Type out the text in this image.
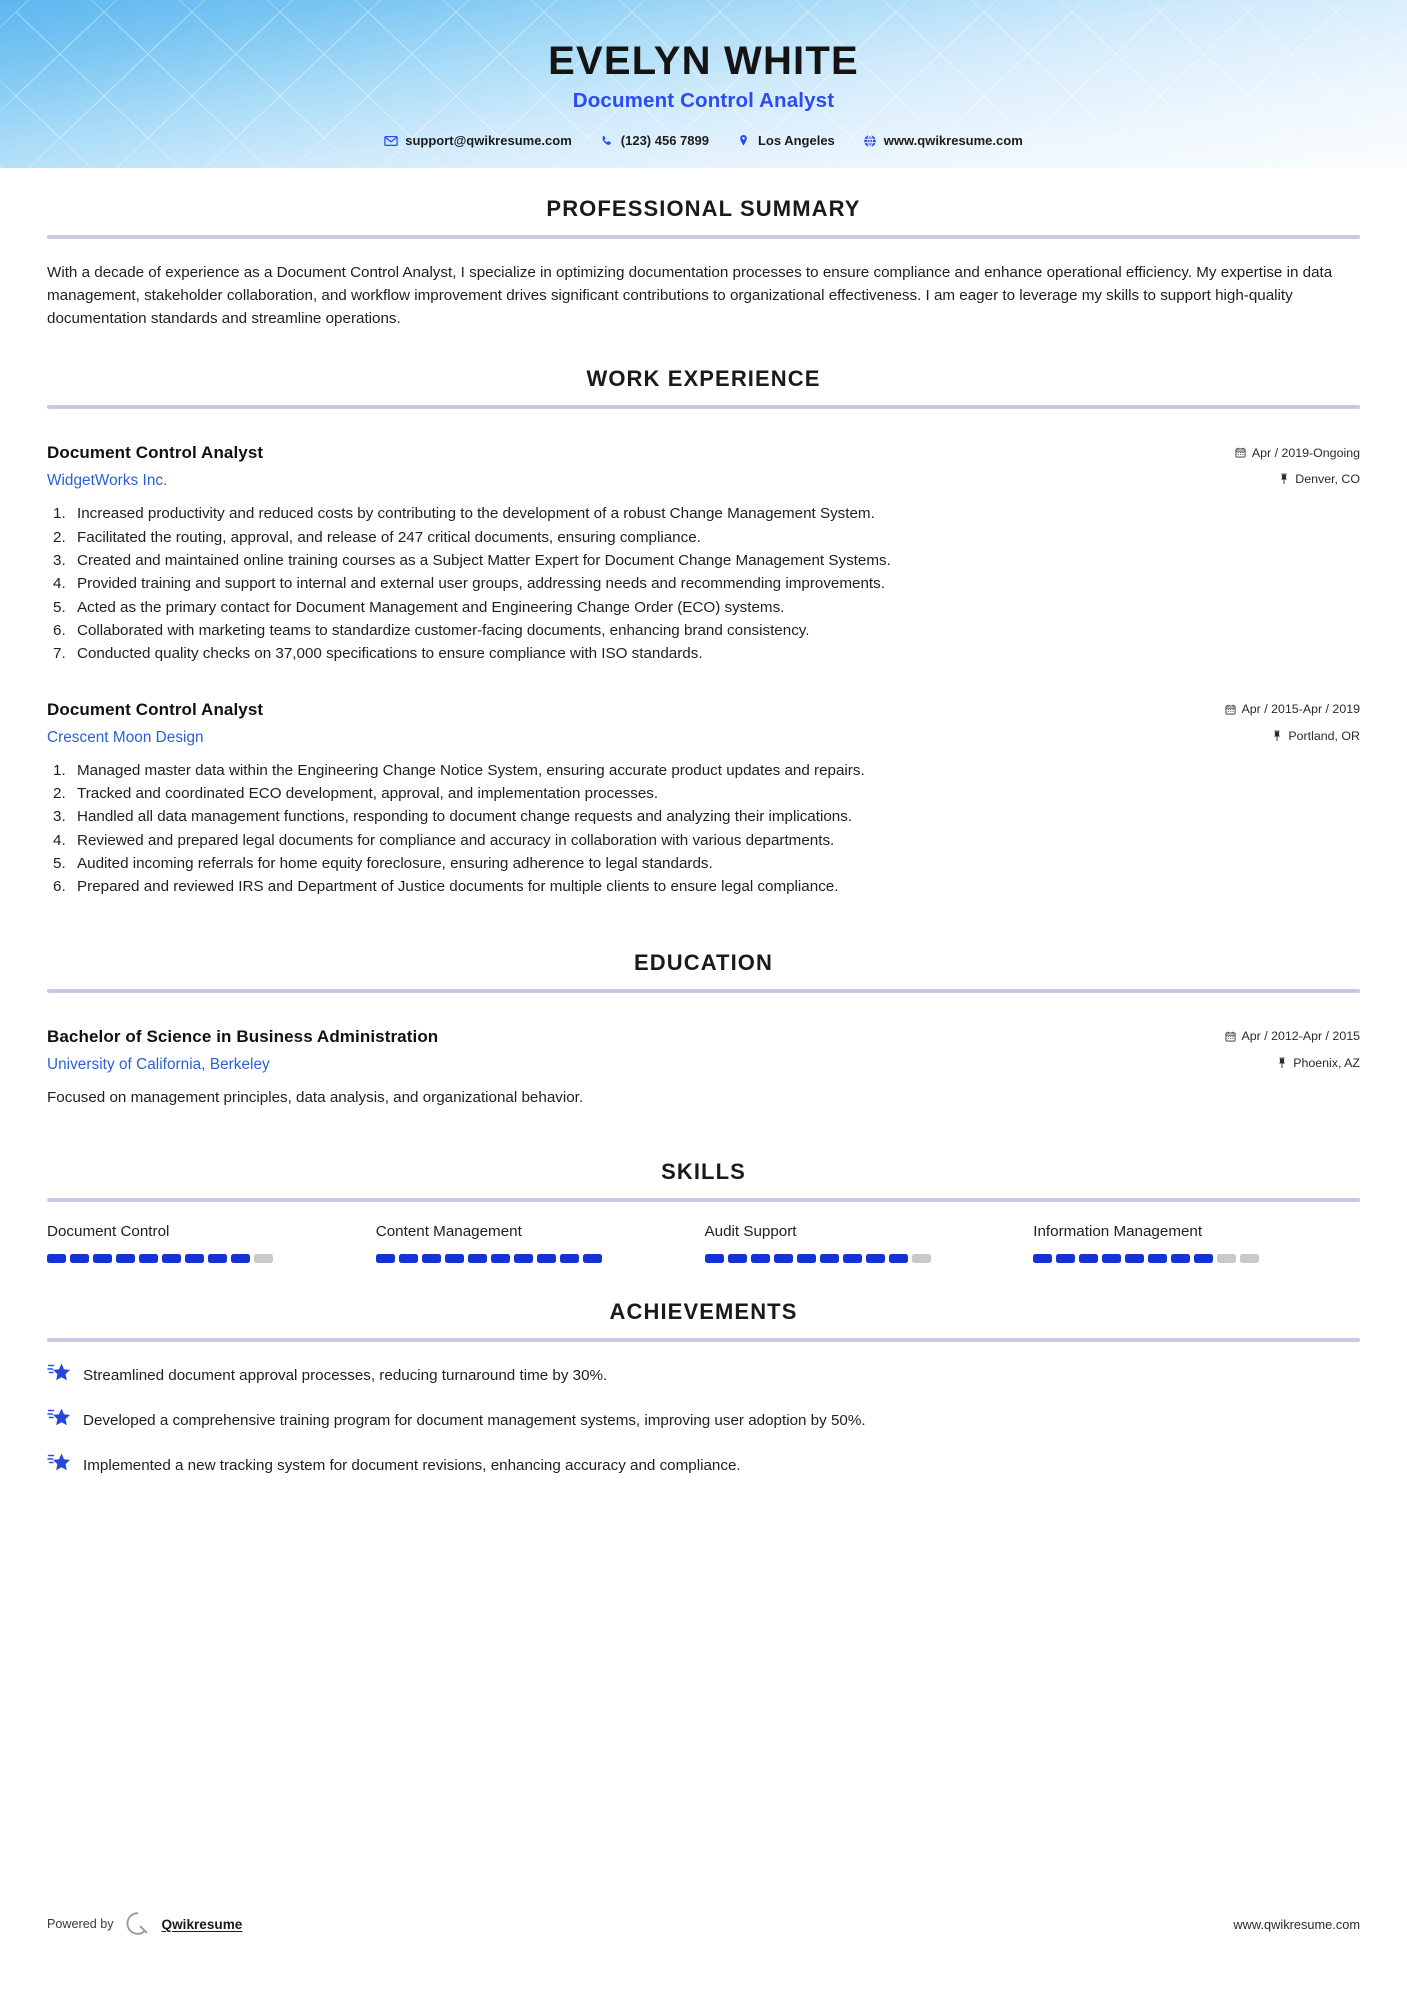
EVELYN WHITE
Document Control Analyst
support@qwikresume.com	(123) 456 7899	Los Angeles	www.qwikresume.com
PROFESSIONAL SUMMARY

With a decade of experience as a Document Control Analyst, I specialize in optimizing documentation processes to ensure compliance and enhance operational efficiency. My expertise in data management, stakeholder collaboration, and workflow improvement drives significant contributions to organizational effectiveness. I am eager to leverage my skills to support high-quality documentation standards and streamline operations.

WORK EXPERIENCE
Document Control Analyst	Apr / 2019-Ongoing
WidgetWorks Inc.	Denver, CO
Increased productivity and reduced costs by contributing to the development of a robust Change Management System.
Facilitated the routing, approval, and release of 247 critical documents, ensuring compliance.
Created and maintained online training courses as a Subject Matter Expert for Document Change Management Systems.
Provided training and support to internal and external user groups, addressing needs and recommending improvements.
Acted as the primary contact for Document Management and Engineering Change Order (ECO) systems.
Collaborated with marketing teams to standardize customer-facing documents, enhancing brand consistency.
Conducted quality checks on 37,000 specifications to ensure compliance with ISO standards.
Document Control Analyst	Apr / 2015-Apr / 2019
Crescent Moon Design	Portland, OR
Managed master data within the Engineering Change Notice System, ensuring accurate product updates and repairs.
Tracked and coordinated ECO development, approval, and implementation processes.
Handled all data management functions, responding to document change requests and analyzing their implications.
Reviewed and prepared legal documents for compliance and accuracy in collaboration with various departments.
Audited incoming referrals for home equity foreclosure, ensuring adherence to legal standards.
Prepared and reviewed IRS and Department of Justice documents for multiple clients to ensure legal compliance.
EDUCATION
Bachelor of Science in Business Administration	Apr / 2012-Apr / 2015
University of California, Berkeley	Phoenix, AZ

Focused on management principles, data analysis, and organizational behavior.

SKILLS
Document Control	Content Management	Audit Support	Information Management
ACHIEVEMENTS
Streamlined document approval processes, reducing turnaround time by 30%.
Developed a comprehensive training program for document management systems, improving user adoption by 50%.
Implemented a new tracking system for document revisions, enhancing accuracy and compliance.
Powered by	Qwikresume	www.qwikresume.com
